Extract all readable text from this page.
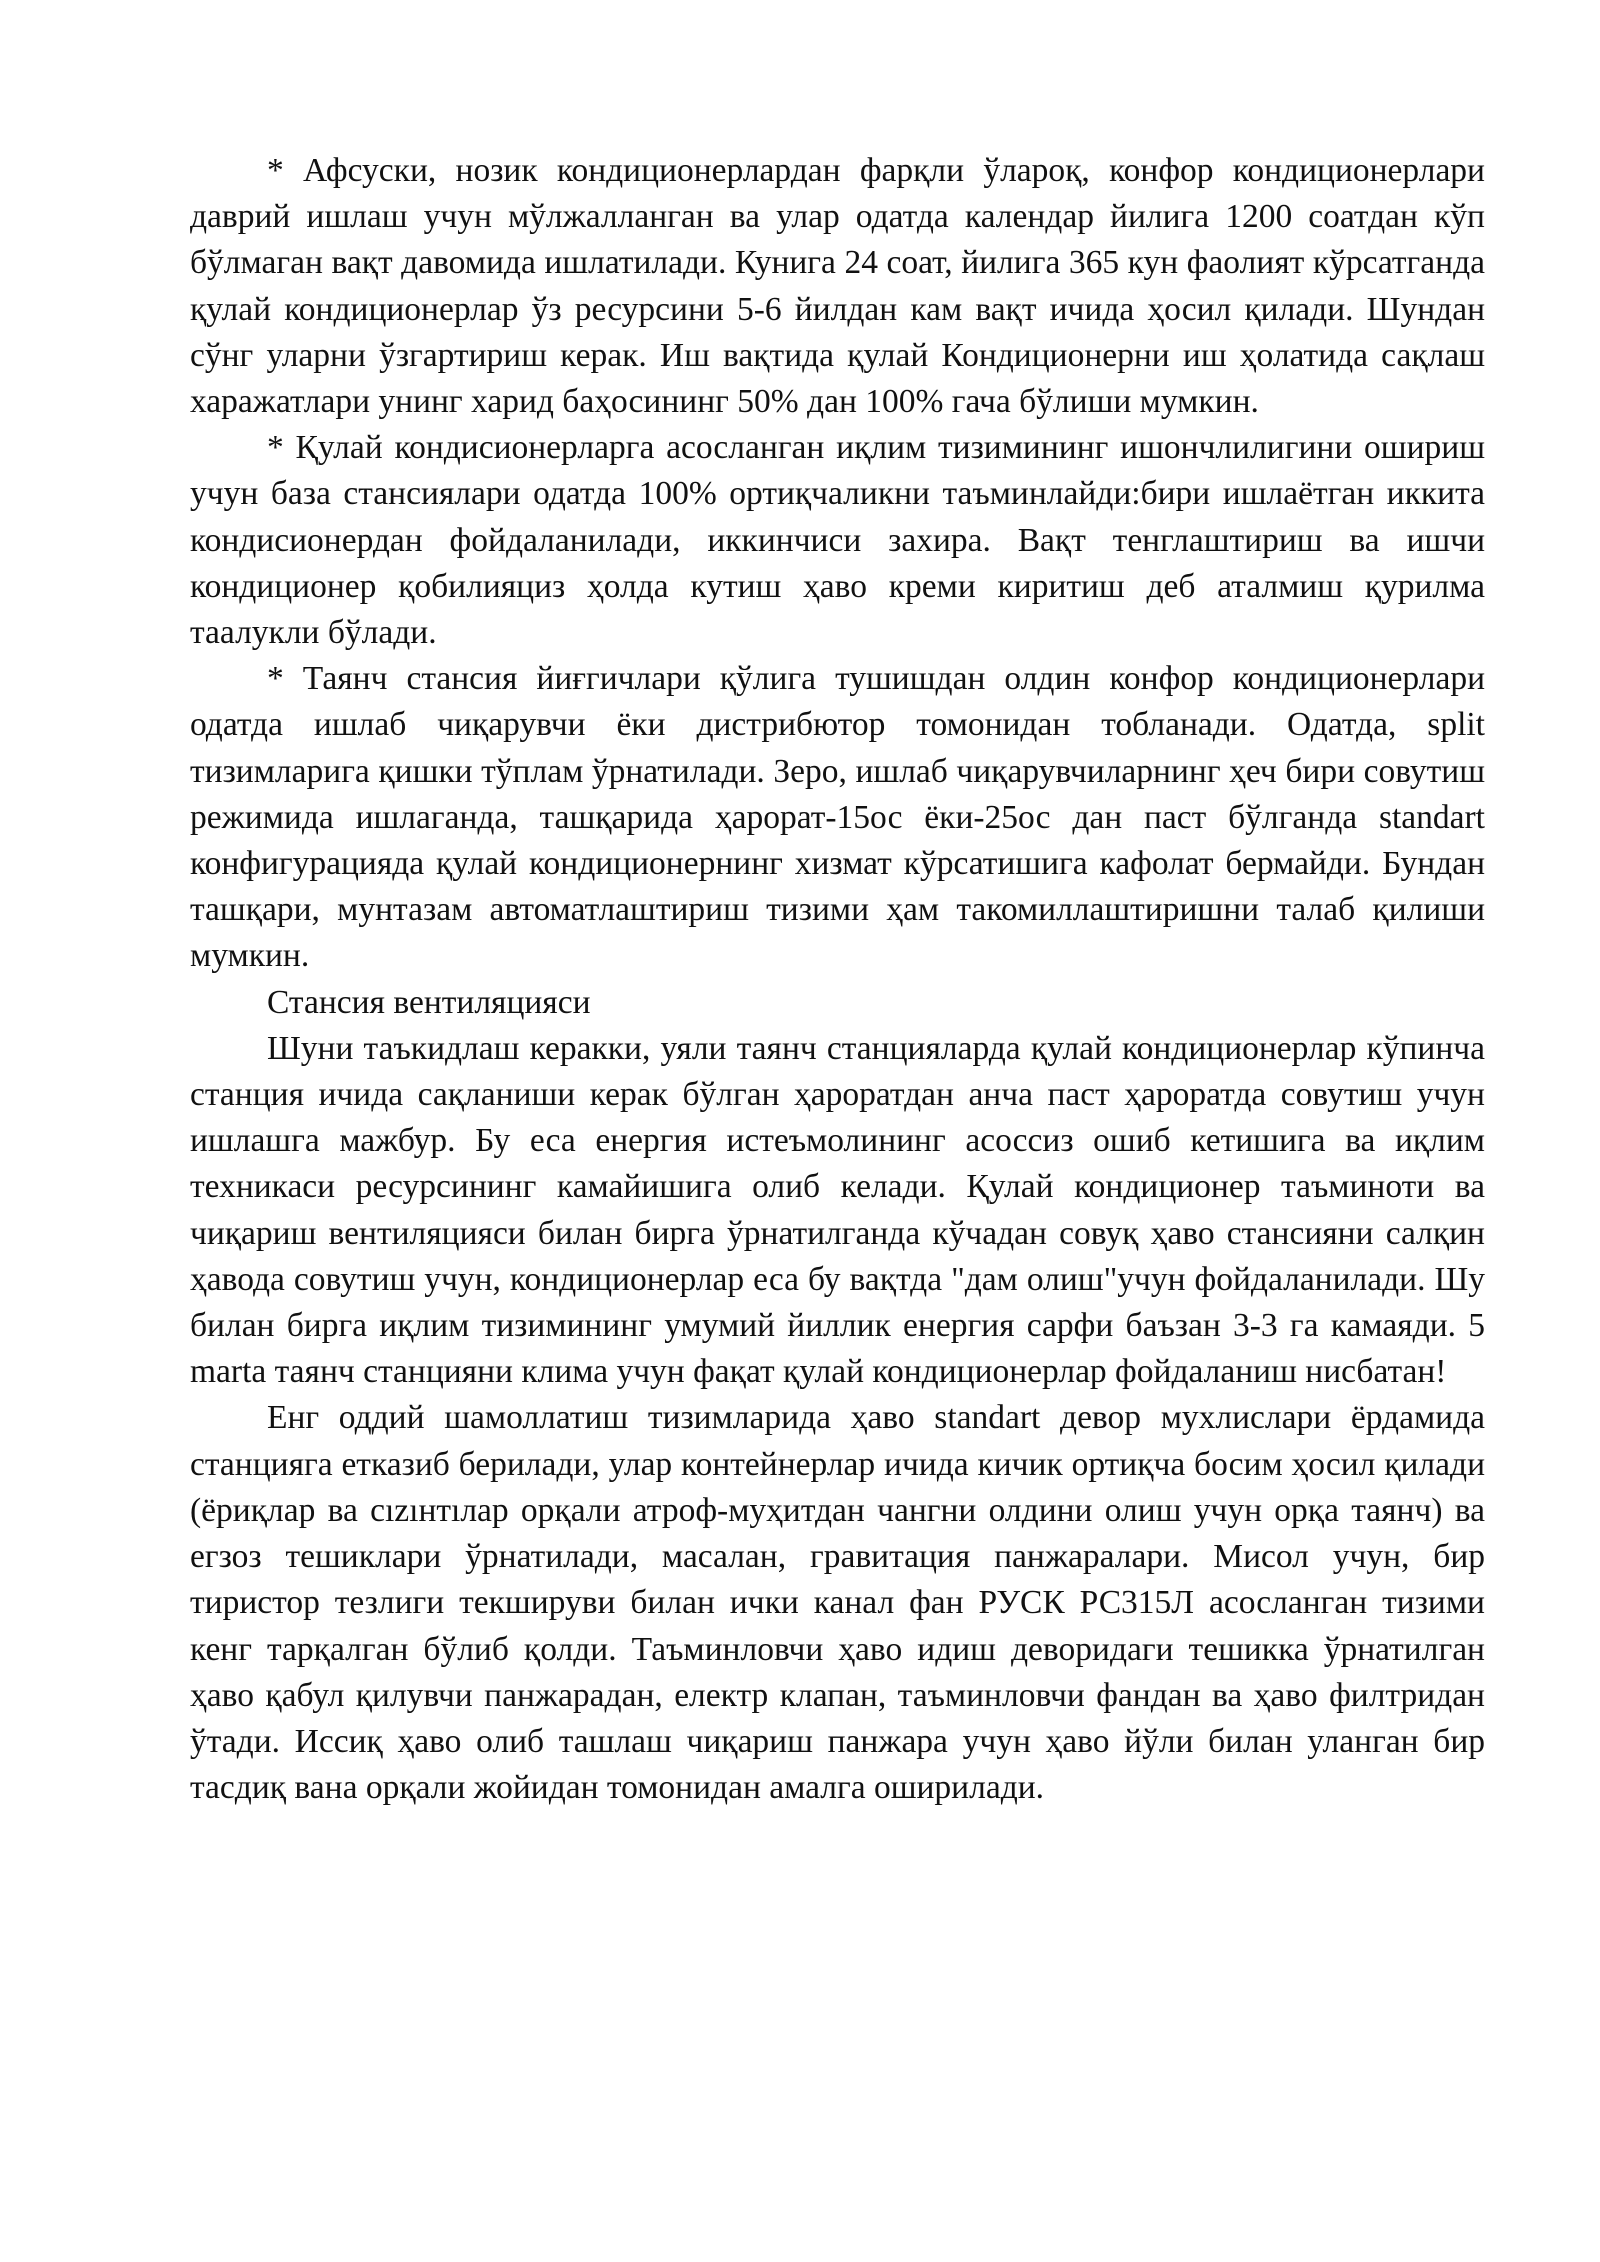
* Афсуски, нозик кондиционерлардан фарқли ўлароқ, конфор кондиционерлари даврий ишлаш учун мўлжалланган ва улар одатда календар йилига 1200 соатдан кўп бўлмаган вақт давомида ишлатилади. Кунига 24 соат, йилига 365 кун фаолият кўрсатганда қулай кондиционерлар ўз ресурсини 5-6 йилдан кам вақт ичида ҳосил қилади. Шундан сўнг уларни ўзгартириш керак. Иш вақтида қулай Кондиционерни иш ҳолатида сақлаш харажатлари унинг харид баҳосининг 50% дан 100% гача бўлиши мумкин.

* Қулай кондисионерларга асосланган иқлим тизимининг ишончлилигини ошириш учун база стансиялари одатда 100% ортиқчаликни таъминлайди:бири ишлаётган иккита кондисионердан фойдаланилади, иккинчиси захира. Вақт тенглаштириш ва ишчи кондиционер қобилияциз ҳолда кутиш ҳаво креми киритиш деб аталмиш қурилма таалукли бўлади.

* Таянч стансия йиғгичлари қўлига тушишдан олдин конфор кондиционерлари одатда ишлаб чиқарувчи ёки дистрибютор томонидан тобланади. Одатда, split тизимларига қишки тўплам ўрнатилади. Зеро, ишлаб чиқарувчиларнинг ҳеч бири совутиш режимида ишлаганда, ташқарида ҳарорат-15ос ёки-25ос дан паст бўлганда standart конфигурацияда қулай кондиционернинг хизмат кўрсатишига кафолат бермайди. Бундан ташқари, мунтазам автоматлаштириш тизими ҳам такомиллаштиришни талаб қилиши мумкин.

Стансия вентиляцияси

Шуни таъкидлаш керакки, уяли таянч станцияларда қулай кондиционерлар кўпинча станция ичида сақланиши керак бўлган ҳароратдан анча паст ҳароратда совутиш учун ишлашга мажбур. Бу еса енергия истеъмолининг асоссиз ошиб кетишига ва иқлим техникаси ресурсининг камайишига олиб келади. Қулай кондиционер таъминоти ва чиқариш вентиляцияси билан бирга ўрнатилганда кўчадан совуқ ҳаво стансияни салқин ҳавода совутиш учун, кондиционерлар еса бу вақтда "дам олиш"учун фойдаланилади. Шу билан бирга иқлим тизимининг умумий йиллик енергия сарфи баъзан 3-3 га камаяди. 5 marta таянч станцияни клима учун фақат қулай кондиционерлар фойдаланиш нисбатан!

Енг оддий шамоллатиш тизимларида ҳаво standart девор мухлислари ёрдамида станцияга етказиб берилади, улар контейнерлар ичида кичик ортиқча босим ҳосил қилади (ёриқлар ва сızıнтıлар орқали атроф-муҳитдан чангни олдини олиш учун орқа таянч) ва егзоз тешиклари ўрнатилади, масалан, гравитация панжаралари. Мисол учун, бир тиристор тезлиги текшируви билан ички канал фан РУСК РС315Л асосланган тизими кенг тарқалган бўлиб қолди. Таъминловчи ҳаво идиш деворидаги тешикка ўрнатилган ҳаво қабул қилувчи панжарадан, електр клапан, таъминловчи фандан ва ҳаво филтридан ўтади. Иссиқ ҳаво олиб ташлаш чиқариш панжара учун ҳаво йўли билан уланган бир тасдиқ вана орқали жойидан томонидан амалга оширилади.
